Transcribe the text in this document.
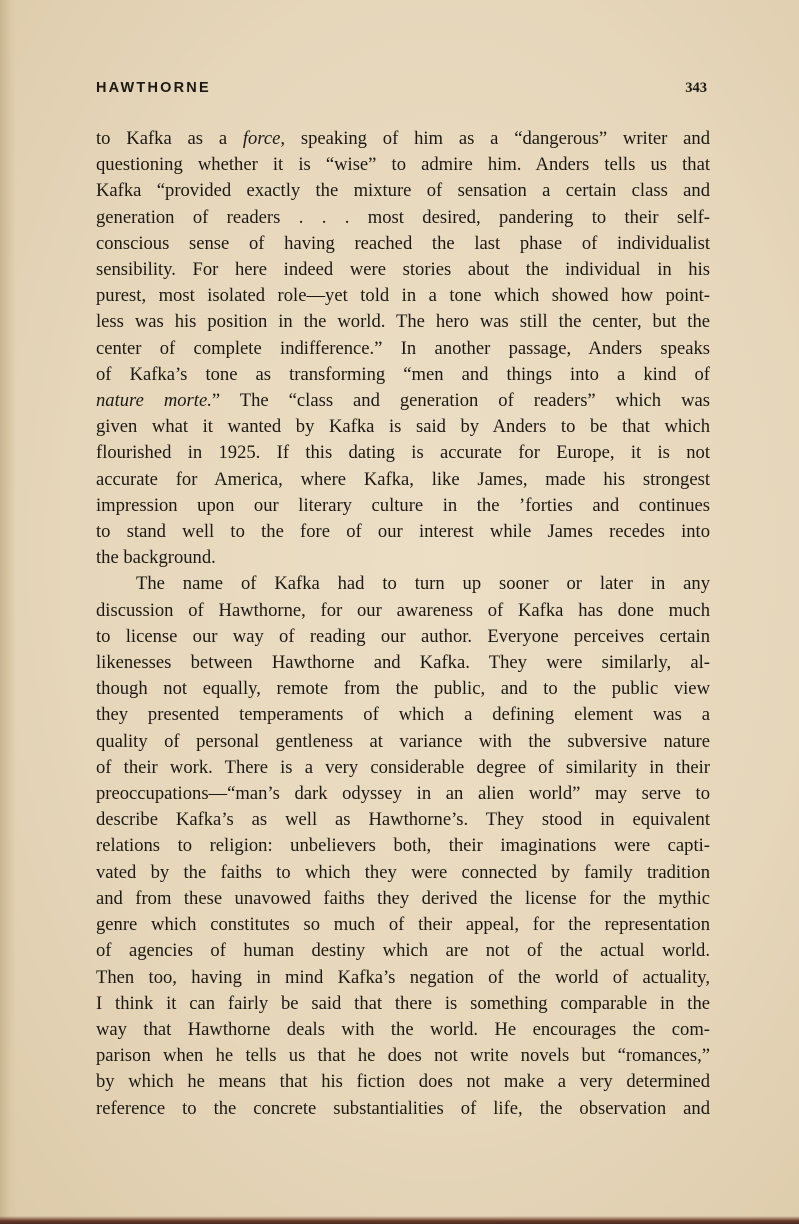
HAWTHORNE	343
to Kafka as a force, speaking of him as a “dangerous” writer and
questioning whether it is “wise” to admire him. Anders tells us that
Kafka “provided exactly the mixture of sensation a certain class and
generation of readers . . . most desired, pandering to their self-
conscious sense of having reached the last phase of individualist
sensibility. For here indeed were stories about the individual in his
purest, most isolated role—yet told in a tone which showed how point-
less was his position in the world. The hero was still the center, but the
center of complete indifference.” In another passage, Anders speaks
of Kafka’s tone as transforming “men and things into a kind of
nature morte.” The “class and generation of readers” which was
given what it wanted by Kafka is said by Anders to be that which
flourished in 1925. If this dating is accurate for Europe, it is not
accurate for America, where Kafka, like James, made his strongest
impression upon our literary culture in the ’forties and continues
to stand well to the fore of our interest while James recedes into
the background.
The name of Kafka had to turn up sooner or later in any
discussion of Hawthorne, for our awareness of Kafka has done much
to license our way of reading our author. Everyone perceives certain
likenesses between Hawthorne and Kafka. They were similarly, al-
though not equally, remote from the public, and to the public view
they presented temperaments of which a defining element was a
quality of personal gentleness at variance with the subversive nature
of their work. There is a very considerable degree of similarity in their
preoccupations—“man’s dark odyssey in an alien world” may serve to
describe Kafka’s as well as Hawthorne’s. They stood in equivalent
relations to religion: unbelievers both, their imaginations were capti-
vated by the faiths to which they were connected by family tradition
and from these unavowed faiths they derived the license for the mythic
genre which constitutes so much of their appeal, for the representation
of agencies of human destiny which are not of the actual world.
Then too, having in mind Kafka’s negation of the world of actuality,
I think it can fairly be said that there is something comparable in the
way that Hawthorne deals with the world. He encourages the com-
parison when he tells us that he does not write novels but “romances,”
by which he means that his fiction does not make a very determined
reference to the concrete substantialities of life, the observation and
